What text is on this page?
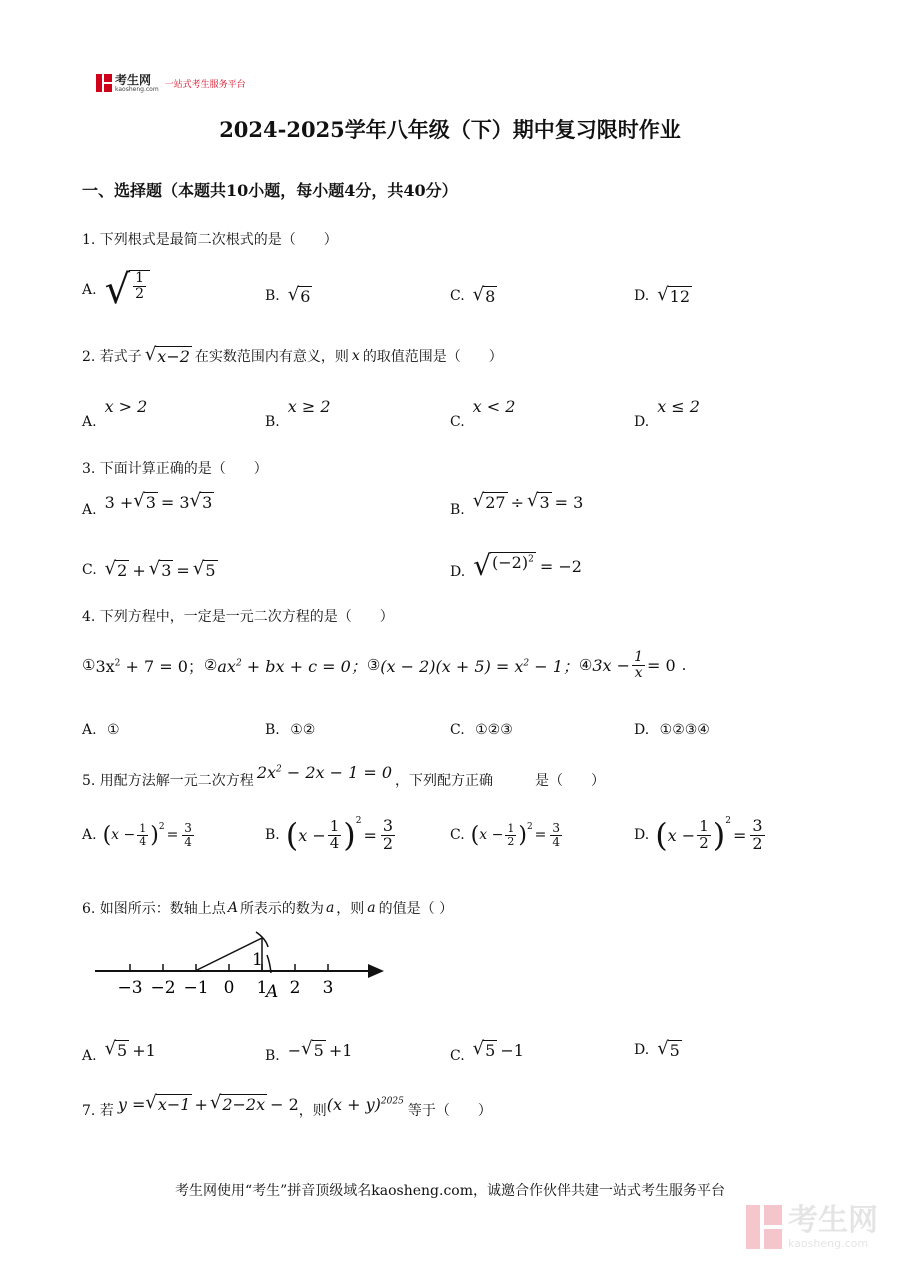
考生网
kaosheng.com 一站式考生服务平台
2024-2025学年八年级（下）期中复习限时作业
一、选择题（本题共10小题，每小题4分，共40分）
1. 下列根式是最简二次根式的是（　　）
A. √ $\frac{1}{2}$	B. √ 6	C. √ 8	D. √ 12
2. 若式子 √ x−2 在实数范围内有意义，则 x 的取值范围是（　　）
A.x > 2
B.x ≥ 2
C.x < 2
D.x ≤ 2
3. 下面计算正确的是（　　）
A. 3 + √ 3 = 3 √ 3	B. √ 27 ÷ √ 3 = 3
C. √ 2 + √ 3 = √ 5	D. √ $(-2)^2 = -2$
4. 下列方程中，一定是一元二次方程的是（　　）
① $3x^2 + 7 = 0$； ② $ax^2$ + bx + c = 0； ③ $(x - 2)(x + 5) = x^2 - 1$； ④ $3x - \frac{1}{x} = 0$ .
A. ①	B. ①②	C. ①②③	D. ①②③④
5. 用配方法解一元二次方程 $2x^2 - 2x - 1 = 0$ ，下列配方正确　　　是（　　）
A. ( $x - \frac{1}{4} )^2$
= $\frac{3}{4}$	B. ( $x - \frac{1}{4} )^2$
= $\frac{3}{2}$	C. ( $x - \frac{1}{2} )^2$
= $\frac{3}{4}$	D. ( $x - \frac{1}{2} )^2$
= $\frac{3}{2}$
6. 如图所示：数轴上点 A 所表示的数为 a ，则 a 的值是（ ）
−3 −2 −1 0 1 2 3
1
A
A. √ 5 +1	B. − √ 5 +1	C. √ 5 −1	D. √ 5
7. 若 y = √ x−1 + √ 2−2x − 2 ，则 $(x + y)^{2025}$
等于（　　）
考生网使用“考生”拼音顶级域名kaosheng.com，诚邀合作伙伴共建一站式考生服务平台
考生网
kaosheng.com
